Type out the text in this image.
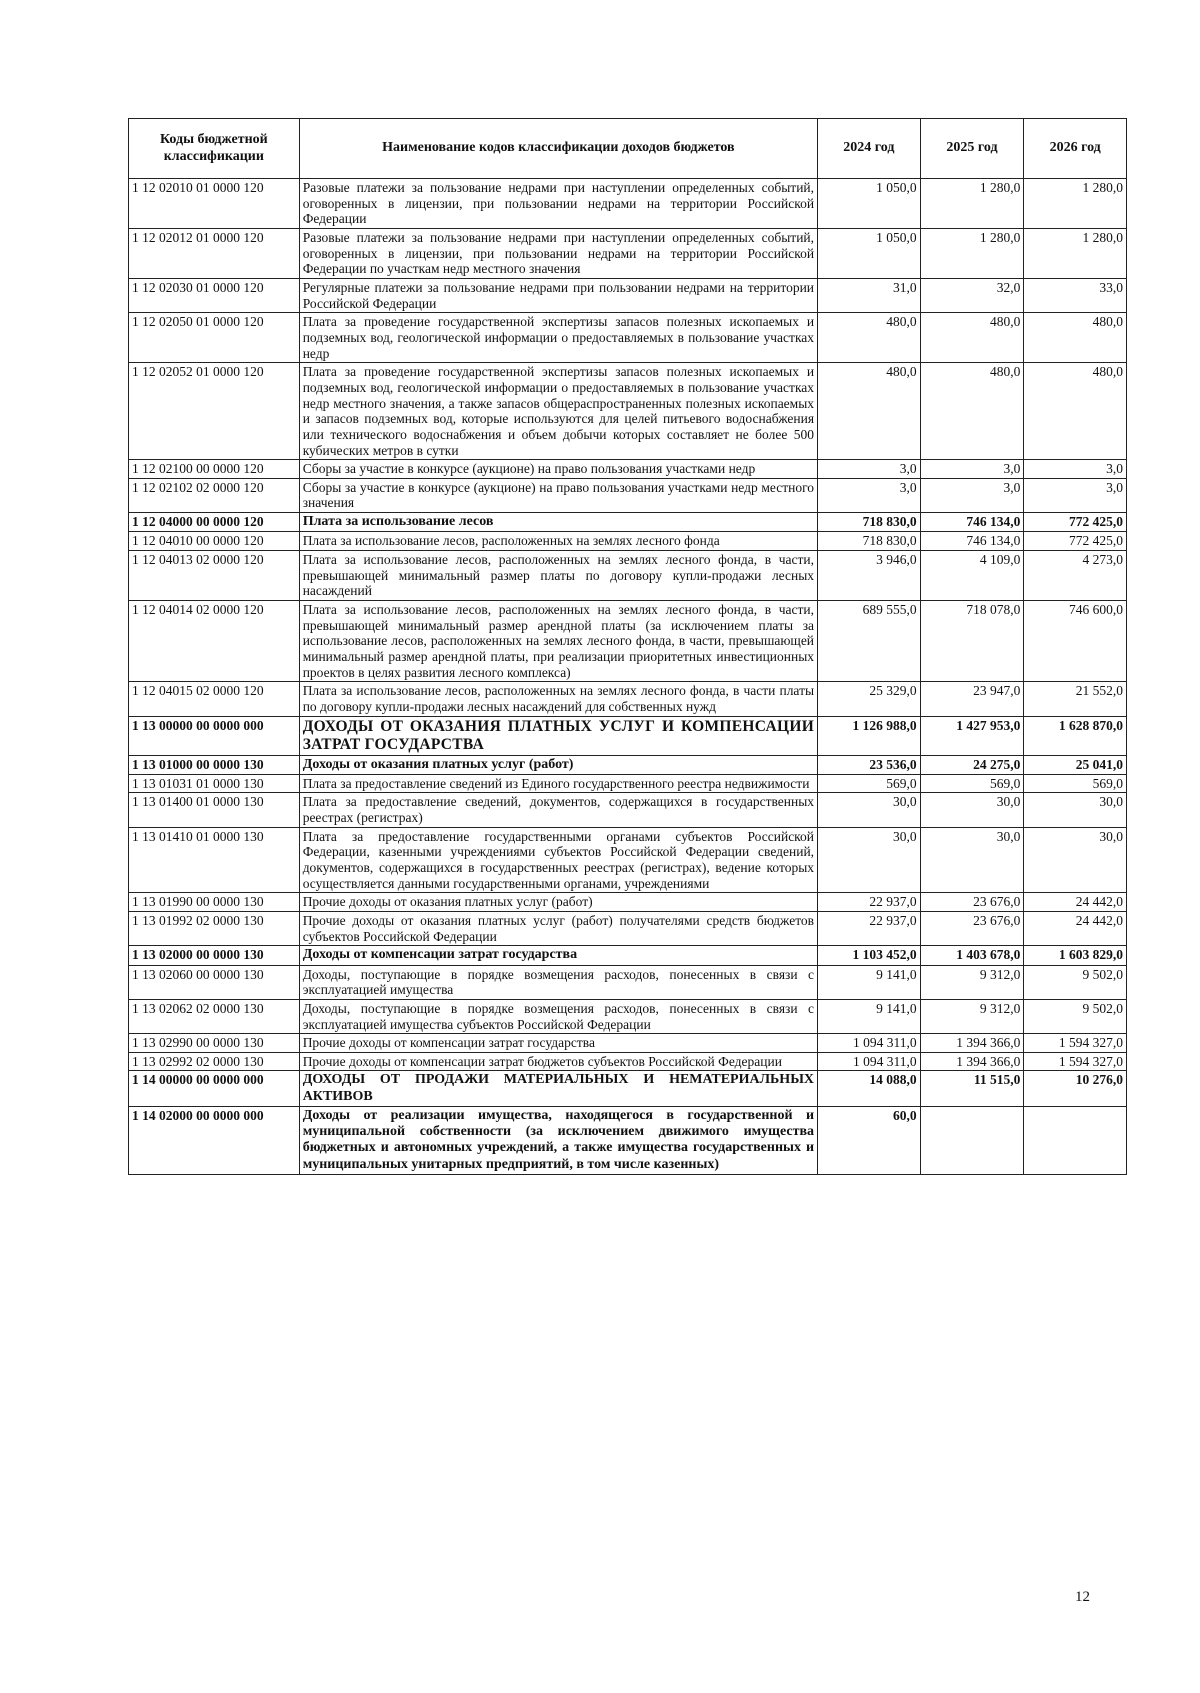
Коды бюджетной классификации	Наименование кодов классификации доходов бюджетов	2024 год	2025 год	2026 год
1 12 02010 01 0000 120	Разовые платежи за пользование недрами при наступлении определенных событий, оговоренных в лицензии, при пользовании недрами на территории Российской Федерации	1 050,0	1 280,0	1 280,0
1 12 02012 01 0000 120	Разовые платежи за пользование недрами при наступлении определенных событий, оговоренных в лицензии, при пользовании недрами на территории Российской Федерации по участкам недр местного значения	1 050,0	1 280,0	1 280,0
1 12 02030 01 0000 120	Регулярные платежи за пользование недрами при пользовании недрами на территории Российской Федерации	31,0	32,0	33,0
1 12 02050 01 0000 120	Плата за проведение государственной экспертизы запасов полезных ископаемых и подземных вод, геологической информации о предоставляемых в пользование участках недр	480,0	480,0	480,0
1 12 02052 01 0000 120	Плата за проведение государственной экспертизы запасов полезных ископаемых и подземных вод, геологической информации о предоставляемых в пользование участках недр местного значения, а также запасов общераспространенных полезных ископаемых и запасов подземных вод, которые используются для целей питьевого водоснабжения или технического водоснабжения и объем добычи которых составляет не более 500 кубических метров в сутки	480,0	480,0	480,0
1 12 02100 00 0000 120	Сборы за участие в конкурсе (аукционе) на право пользования участками недр	3,0	3,0	3,0
1 12 02102 02 0000 120	Сборы за участие в конкурсе (аукционе) на право пользования участками недр местного значения	3,0	3,0	3,0
1 12 04000 00 0000 120	Плата за использование лесов	718 830,0	746 134,0	772 425,0
1 12 04010 00 0000 120	Плата за использование лесов, расположенных на землях лесного фонда	718 830,0	746 134,0	772 425,0
1 12 04013 02 0000 120	Плата за использование лесов, расположенных на землях лесного фонда, в части, превышающей минимальный размер платы по договору купли-продажи лесных насаждений	3 946,0	4 109,0	4 273,0
1 12 04014 02 0000 120	Плата за использование лесов, расположенных на землях лесного фонда, в части, превышающей минимальный размер арендной платы (за исключением платы за использование лесов, расположенных на землях лесного фонда, в части, превышающей минимальный размер арендной платы, при реализации приоритетных инвестиционных проектов в целях развития лесного комплекса)	689 555,0	718 078,0	746 600,0
1 12 04015 02 0000 120	Плата за использование лесов, расположенных на землях лесного фонда, в части платы по договору купли-продажи лесных насаждений для собственных нужд	25 329,0	23 947,0	21 552,0
1 13 00000 00 0000 000	ДОХОДЫ ОТ ОКАЗАНИЯ ПЛАТНЫХ УСЛУГ И КОМПЕНСАЦИИ ЗАТРАТ ГОСУДАРСТВА	1 126 988,0	1 427 953,0	1 628 870,0
1 13 01000 00 0000 130	Доходы от оказания платных услуг (работ)	23 536,0	24 275,0	25 041,0
1 13 01031 01 0000 130	Плата за предоставление сведений из Единого государственного реестра недвижимости	569,0	569,0	569,0
1 13 01400 01 0000 130	Плата за предоставление сведений, документов, содержащихся в государственных реестрах (регистрах)	30,0	30,0	30,0
1 13 01410 01 0000 130	Плата за предоставление государственными органами субъектов Российской Федерации, казенными учреждениями субъектов Российской Федерации сведений, документов, содержащихся в государственных реестрах (регистрах), ведение которых осуществляется данными государственными органами, учреждениями	30,0	30,0	30,0
1 13 01990 00 0000 130	Прочие доходы от оказания платных услуг (работ)	22 937,0	23 676,0	24 442,0
1 13 01992 02 0000 130	Прочие доходы от оказания платных услуг (работ) получателями средств бюджетов субъектов Российской Федерации	22 937,0	23 676,0	24 442,0
1 13 02000 00 0000 130	Доходы от компенсации затрат государства	1 103 452,0	1 403 678,0	1 603 829,0
1 13 02060 00 0000 130	Доходы, поступающие в порядке возмещения расходов, понесенных в связи с эксплуатацией имущества	9 141,0	9 312,0	9 502,0
1 13 02062 02 0000 130	Доходы, поступающие в порядке возмещения расходов, понесенных в связи с эксплуатацией имущества субъектов Российской Федерации	9 141,0	9 312,0	9 502,0
1 13 02990 00 0000 130	Прочие доходы от компенсации затрат государства	1 094 311,0	1 394 366,0	1 594 327,0
1 13 02992 02 0000 130	Прочие доходы от компенсации затрат бюджетов субъектов Российской Федерации	1 094 311,0	1 394 366,0	1 594 327,0
1 14 00000 00 0000 000	ДОХОДЫ ОТ ПРОДАЖИ МАТЕРИАЛЬНЫХ И НЕМАТЕРИАЛЬНЫХ АКТИВОВ	14 088,0	11 515,0	10 276,0
1 14 02000 00 0000 000	Доходы от реализации имущества, находящегося в государственной и муниципальной собственности (за исключением движимого имущества бюджетных и автономных учреждений, а также имущества государственных и муниципальных унитарных предприятий, в том числе казенных)	60,0		
12
